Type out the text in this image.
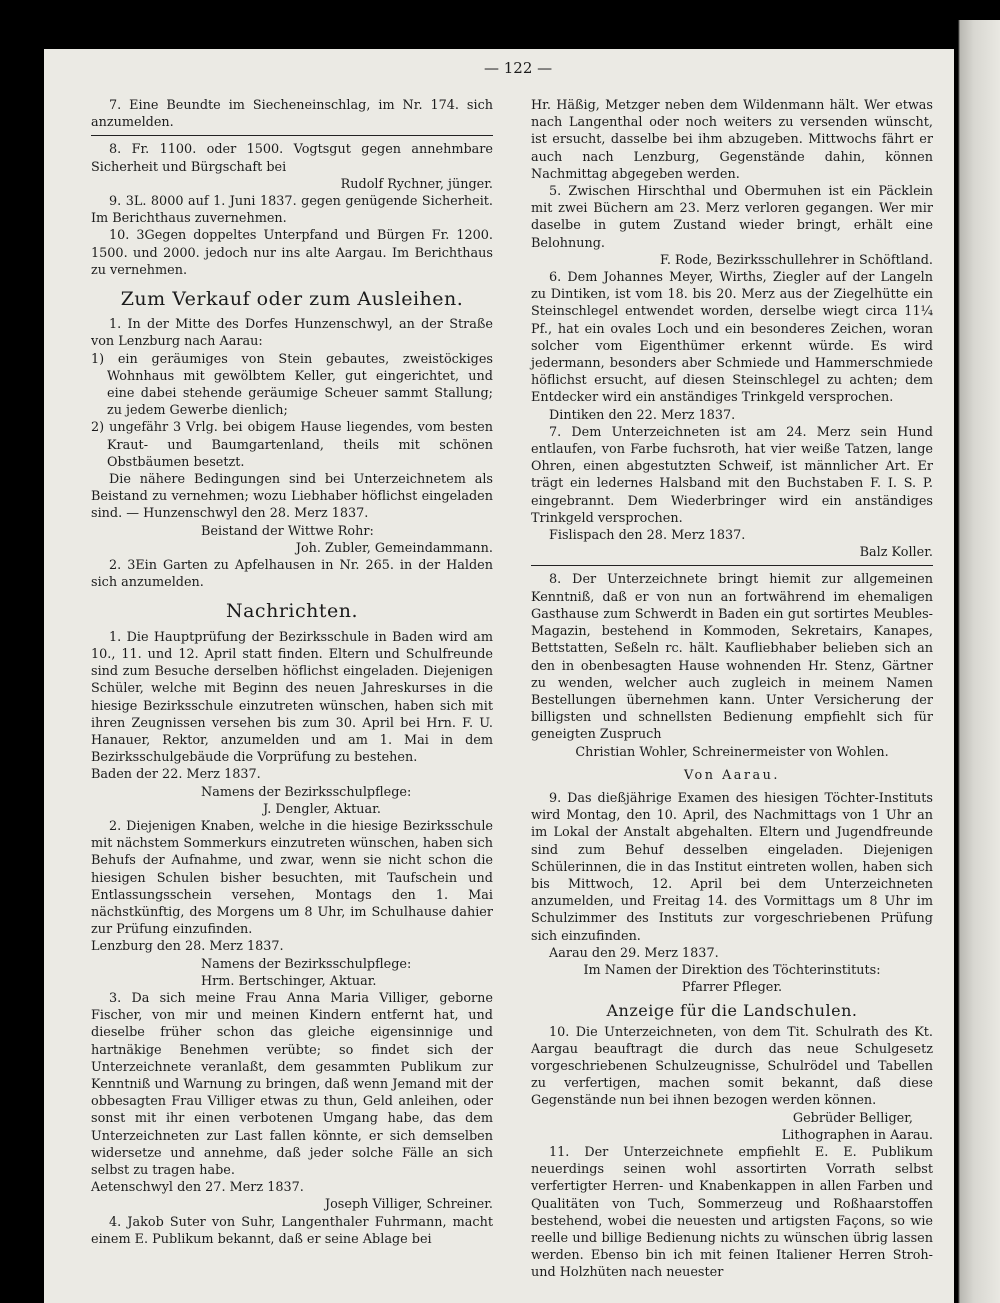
— 122 —

7. Eine Beundte im Siecheneinschlag, im Nr. 174. sich anzumelden.

8. Fr. 1100. oder 1500. Vogtsgut gegen annehmbare Sicherheit und Bürgschaft bei

Rudolf Rychner, jünger.

9. 3L. 8000 auf 1. Juni 1837. gegen genügende Sicherheit. Im Berichthaus zuvernehmen.

10. 3Gegen doppeltes Unterpfand und Bürgen Fr. 1200. 1500. und 2000. jedoch nur ins alte Aargau. Im Berichthaus zu vernehmen.

Zum Verkauf oder zum Ausleihen.

1. In der Mitte des Dorfes Hunzenschwyl, an der Straße von Lenzburg nach Aarau:

1) ein geräumiges von Stein gebautes, zweistöckiges Wohnhaus mit gewölbtem Keller, gut eingerichtet, und eine dabei stehende geräumige Scheuer sammt Stallung; zu jedem Gewerbe dienlich;

2) ungefähr 3 Vrlg. bei obigem Hause liegendes, vom besten Kraut- und Baumgartenland, theils mit schönen Obstbäumen besetzt.

Die nähere Bedingungen sind bei Unterzeichnetem als Beistand zu vernehmen; wozu Liebhaber höflichst eingeladen sind. — Hunzenschwyl den 28. Merz 1837.

Beistand der Wittwe Rohr:

Joh. Zubler, Gemeindammann.

2. 3Ein Garten zu Apfelhausen in Nr. 265. in der Halden sich anzumelden.

Nachrichten.

1. Die Hauptprüfung der Bezirksschule in Baden wird am 10., 11. und 12. April statt finden. Eltern und Schulfreunde sind zum Besuche derselben höflichst eingeladen. Diejenigen Schüler, welche mit Beginn des neuen Jahreskurses in die hiesige Bezirksschule einzutreten wünschen, haben sich mit ihren Zeugnissen versehen bis zum 30. April bei Hrn. F. U. Hanauer, Rektor, anzumelden und am 1. Mai in dem Bezirksschulgebäude die Vorprüfung zu bestehen.

Baden der 22. Merz 1837.

Namens der Bezirksschulpflege:

J. Dengler, Aktuar.

2. Diejenigen Knaben, welche in die hiesige Bezirksschule mit nächstem Sommerkurs einzutreten wünschen, haben sich Behufs der Aufnahme, und zwar, wenn sie nicht schon die hiesigen Schulen bisher besuchten, mit Taufschein und Entlassungsschein versehen, Montags den 1. Mai nächstkünftig, des Morgens um 8 Uhr, im Schulhause dahier zur Prüfung einzufinden.

Lenzburg den 28. Merz 1837.

Namens der Bezirksschulpflege:

Hrm. Bertschinger, Aktuar.

3. Da sich meine Frau Anna Maria Villiger, geborne Fischer, von mir und meinen Kindern entfernt hat, und dieselbe früher schon das gleiche eigensinnige und hartnäkige Benehmen verübte; so findet sich der Unterzeichnete veranlaßt, dem gesammten Publikum zur Kenntniß und Warnung zu bringen, daß wenn Jemand mit der obbesagten Frau Villiger etwas zu thun, Geld anleihen, oder sonst mit ihr einen verbotenen Umgang habe, das dem Unterzeichneten zur Last fallen könnte, er sich demselben widersetze und annehme, daß jeder solche Fälle an sich selbst zu tragen habe.

Aetenschwyl den 27. Merz 1837.

Joseph Villiger, Schreiner.

4. Jakob Suter von Suhr, Langenthaler Fuhrmann, macht einem E. Publikum bekannt, daß er seine Ablage bei

Hr. Häßig, Metzger neben dem Wildenmann hält. Wer etwas nach Langenthal oder noch weiters zu versenden wünscht, ist ersucht, dasselbe bei ihm abzugeben. Mittwochs fährt er auch nach Lenzburg, Gegenstände dahin, können Nachmittag abgegeben werden.

5. Zwischen Hirschthal und Obermuhen ist ein Päcklein mit zwei Büchern am 23. Merz verloren gegangen. Wer mir daselbe in gutem Zustand wieder bringt, erhält eine Belohnung.

F. Rode, Bezirksschullehrer in Schöftland.

6. Dem Johannes Meyer, Wirths, Ziegler auf der Langeln zu Dintiken, ist vom 18. bis 20. Merz aus der Ziegelhütte ein Steinschlegel entwendet worden, derselbe wiegt circa 11¼ Pf., hat ein ovales Loch und ein besonderes Zeichen, woran solcher vom Eigenthümer erkennt würde. Es wird jedermann, besonders aber Schmiede und Hammerschmiede höflichst ersucht, auf diesen Steinschlegel zu achten; dem Entdecker wird ein anständiges Trinkgeld versprochen.

Dintiken den 22. Merz 1837.

7. Dem Unterzeichneten ist am 24. Merz sein Hund entlaufen, von Farbe fuchsroth, hat vier weiße Tatzen, lange Ohren, einen abgestutzten Schweif, ist männlicher Art. Er trägt ein ledernes Halsband mit den Buchstaben F. I. S. P. eingebrannt. Dem Wiederbringer wird ein anständiges Trinkgeld versprochen.

Fislispach den 28. Merz 1837.

Balz Koller.

8. Der Unterzeichnete bringt hiemit zur allgemeinen Kenntniß, daß er von nun an fortwährend im ehemaligen Gasthause zum Schwerdt in Baden ein gut sortirtes Meubles-Magazin, bestehend in Kommoden, Sekretairs, Kanapes, Bettstatten, Seßeln rc. hält. Kaufliebhaber belieben sich an den in obenbesagten Hause wohnenden Hr. Stenz, Gärtner zu wenden, welcher auch zugleich in meinem Namen Bestellungen übernehmen kann. Unter Versicherung der billigsten und schnellsten Bedienung empfiehlt sich für geneigten Zuspruch

Christian Wohler, Schreinermeister von Wohlen.

Von Aarau.

9. Das dießjährige Examen des hiesigen Töchter-Instituts wird Montag, den 10. April, des Nachmittags von 1 Uhr an im Lokal der Anstalt abgehalten. Eltern und Jugendfreunde sind zum Behuf desselben eingeladen. Diejenigen Schülerinnen, die in das Institut eintreten wollen, haben sich bis Mittwoch, 12. April bei dem Unterzeichneten anzumelden, und Freitag 14. des Vormittags um 8 Uhr im Schulzimmer des Instituts zur vorgeschriebenen Prüfung sich einzufinden.

Aarau den 29. Merz 1837.

Im Namen der Direktion des Töchterinstituts:

Pfarrer Pfleger.

Anzeige für die Landschulen.

10. Die Unterzeichneten, von dem Tit. Schulrath des Kt. Aargau beauftragt die durch das neue Schulgesetz vorgeschriebenen Schulzeugnisse, Schulrödel und Tabellen zu verfertigen, machen somit bekannt, daß diese Gegenstände nun bei ihnen bezogen werden können.

Gebrüder Belliger,

Lithographen in Aarau.

11. Der Unterzeichnete empfiehlt E. E. Publikum neuerdings seinen wohl assortirten Vorrath selbst verfertigter Herren- und Knabenkappen in allen Farben und Qualitäten von Tuch, Sommerzeug und Roßhaarstoffen bestehend, wobei die neuesten und artigsten Façons, so wie reelle und billige Bedienung nichts zu wünschen übrig lassen werden. Ebenso bin ich mit feinen Italiener Herren Stroh- und Holzhüten nach neuester
